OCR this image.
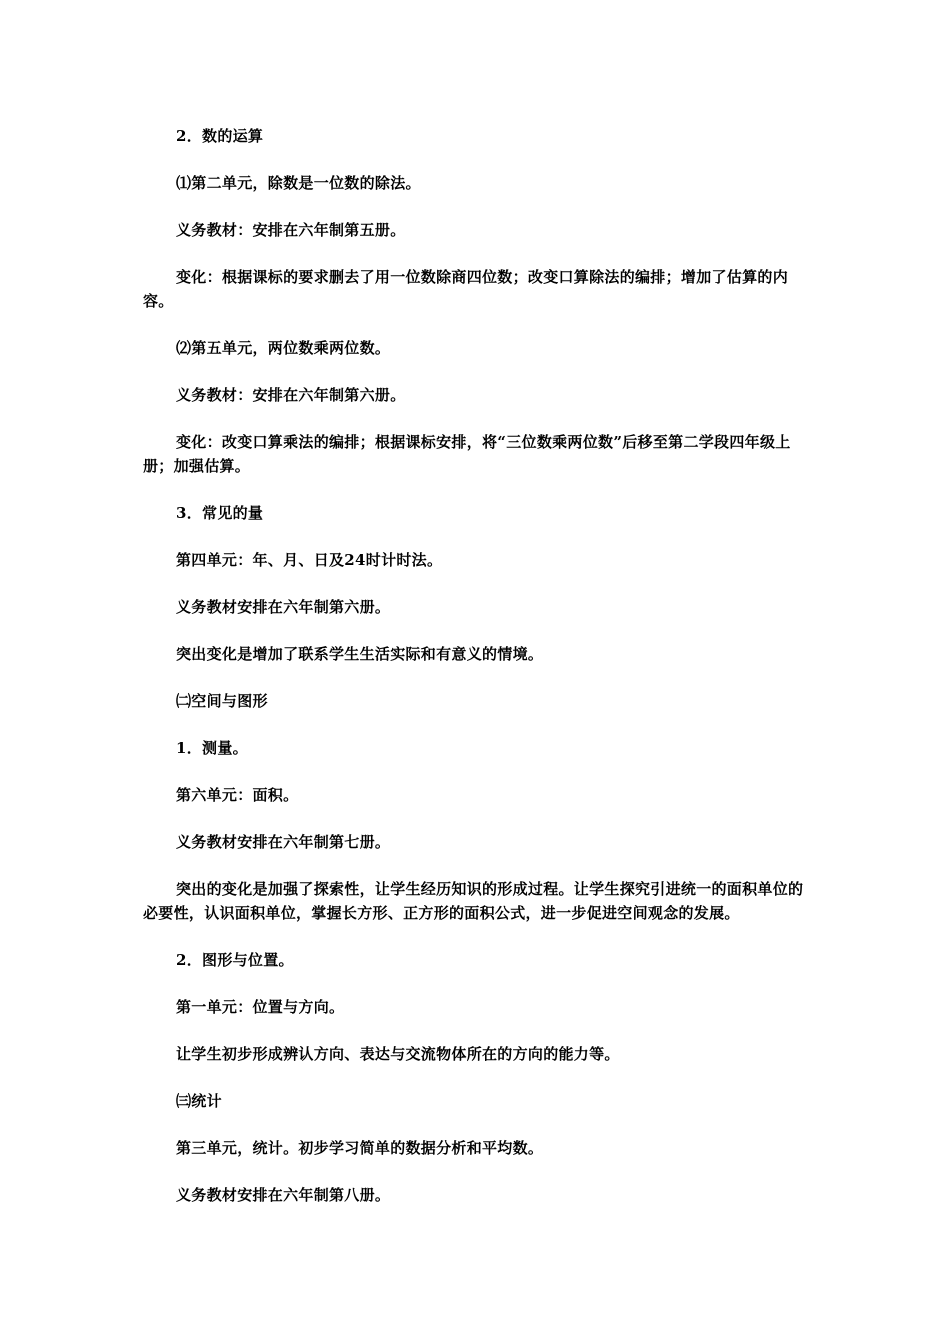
2．数的运算

⑴第二单元，除数是一位数的除法。

义务教材：安排在六年制第五册。

变化：根据课标的要求删去了用一位数除商四位数；改变口算除法的编排；增加了估算的内容。

⑵第五单元，两位数乘两位数。

义务教材：安排在六年制第六册。

变化：改变口算乘法的编排；根据课标安排，将“三位数乘两位数”后移至第二学段四年级上册；加强估算。

3．常见的量

第四单元：年、月、日及24时计时法。

义务教材安排在六年制第六册。

突出变化是增加了联系学生生活实际和有意义的情境。

㈡空间与图形

1．测量。

第六单元：面积。

义务教材安排在六年制第七册。

突出的变化是加强了探索性，让学生经历知识的形成过程。让学生探究引进统一的面积单位的必要性，认识面积单位，掌握长方形、正方形的面积公式，进一步促进空间观念的发展。

2．图形与位置。

第一单元：位置与方向。

让学生初步形成辨认方向、表达与交流物体所在的方向的能力等。

㈢统计

第三单元，统计。初步学习简单的数据分析和平均数。

义务教材安排在六年制第八册。
